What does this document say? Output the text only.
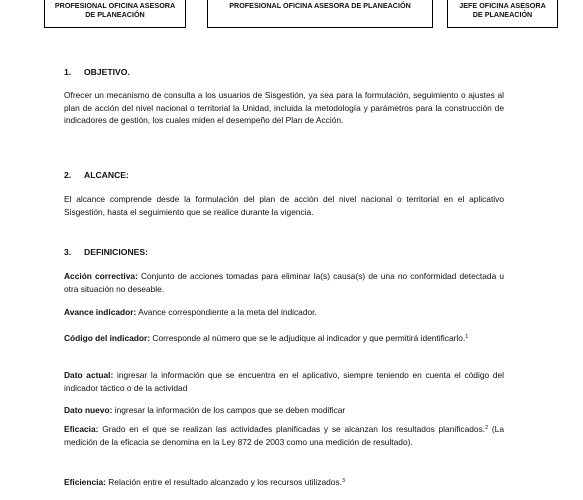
PROFESIONAL OFICINA ASESORA
DE PLANEACIÓN
PROFESIONAL OFICINA ASESORA DE PLANEACIÓN	JEFE OFICINA ASESORA
DE PLANEACIÓN
1. OBJETIVO.
Ofrecer un mecanismo de consulta a los usuarios de Sisgestión, ya sea para la formulación, seguimiento o ajustes al plan de acción del nivel nacional o territorial la Unidad, incluida la metodología y parámetros para la construcción de indicadores de gestión, los cuales miden el desempeño del Plan de Acción.
2. ALCANCE:
El alcance comprende desde la formulación del plan de acción del nivel nacional o territorial en el aplicativo Sisgestión, hasta el seguimiento que se realice durante la vigencia.
3. DEFINICIONES:
Acción correctiva: Conjunto de acciones tomadas para eliminar la(s) causa(s) de una no conformidad detectada u otra situación no deseable.
Avance indicador: Avance correspondiente a la meta del indicador.
Código del indicador: Corresponde al número que se le adjudique al indicador y que permitirá identificarlo.$^1$
Dato actual: ingresar la información que se encuentra en el aplicativo, siempre teniendo en cuenta el código del indicador táctico o de la actividad
Dato nuevo: ingresar la información de los campos que se deben modificar
Eficacia: Grado en el que se realizan las actividades planificadas y se alcanzan los resultados planificados.$^2$ (La medición de la eficacia se denomina en la Ley 872 de 2003 como una medición de resultado).
Eficiencia: Relación entre el resultado alcanzado y los recursos utilizados.$^3$
